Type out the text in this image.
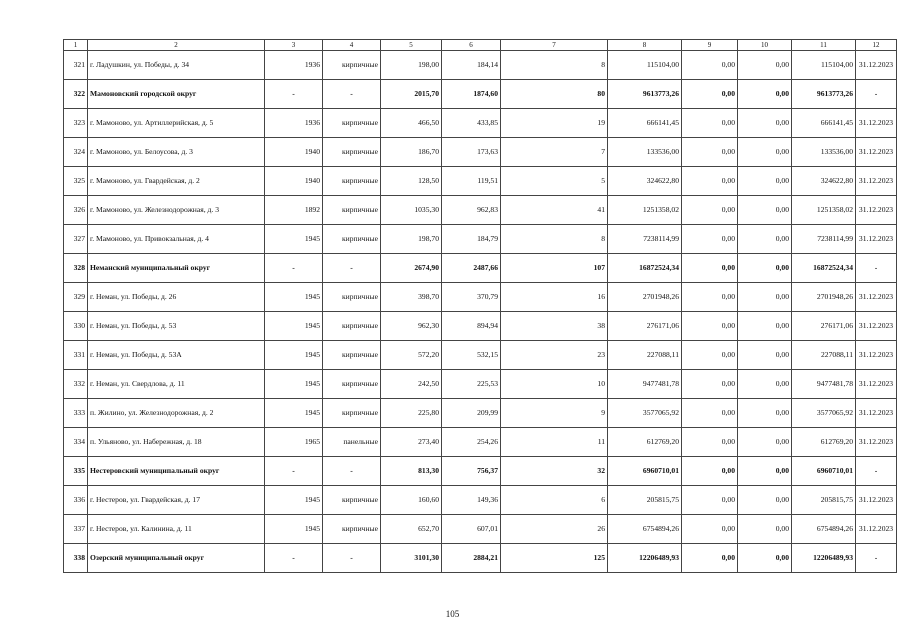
1	2	3	4	5	6	7	8	9	10	11	12
321	г. Ладушкин, ул. Победы, д. 34	1936	кирпичные	198,00	184,14	8	115104,00	0,00	0,00	115104,00	31.12.2023
322	Мамоновский городской округ	-	-	2015,70	1874,60	80	9613773,26	0,00	0,00	9613773,26	-
323	г. Мамоново, ул. Артиллерийская, д. 5	1936	кирпичные	466,50	433,85	19	666141,45	0,00	0,00	666141,45	31.12.2023
324	г. Мамоново, ул. Белоусова, д. 3	1940	кирпичные	186,70	173,63	7	133536,00	0,00	0,00	133536,00	31.12.2023
325	г. Мамоново, ул. Гвардейская, д. 2	1940	кирпичные	128,50	119,51	5	324622,80	0,00	0,00	324622,80	31.12.2023
326	г. Мамоново, ул. Железнодорожная, д. 3	1892	кирпичные	1035,30	962,83	41	1251358,02	0,00	0,00	1251358,02	31.12.2023
327	г. Мамоново, ул. Привокзальная, д. 4	1945	кирпичные	198,70	184,79	8	7238114,99	0,00	0,00	7238114,99	31.12.2023
328	Неманский муниципальный округ	-	-	2674,90	2487,66	107	16872524,34	0,00	0,00	16872524,34	-
329	г. Неман, ул. Победы, д. 26	1945	кирпичные	398,70	370,79	16	2701948,26	0,00	0,00	2701948,26	31.12.2023
330	г. Неман, ул. Победы, д. 53	1945	кирпичные	962,30	894,94	38	276171,06	0,00	0,00	276171,06	31.12.2023
331	г. Неман, ул. Победы, д. 53А	1945	кирпичные	572,20	532,15	23	227088,11	0,00	0,00	227088,11	31.12.2023
332	г. Неман, ул. Свердлова, д. 11	1945	кирпичные	242,50	225,53	10	9477481,78	0,00	0,00	9477481,78	31.12.2023
333	п. Жилино, ул. Железнодорожная, д. 2	1945	кирпичные	225,80	209,99	9	3577065,92	0,00	0,00	3577065,92	31.12.2023
334	п. Ульяново, ул. Набережная, д. 18	1965	панельные	273,40	254,26	11	612769,20	0,00	0,00	612769,20	31.12.2023
335	Нестеровский муниципальный округ	-	-	813,30	756,37	32	6960710,01	0,00	0,00	6960710,01	-
336	г. Нестеров, ул. Гвардейская, д. 17	1945	кирпичные	160,60	149,36	6	205815,75	0,00	0,00	205815,75	31.12.2023
337	г. Нестеров, ул. Калинина, д. 11	1945	кирпичные	652,70	607,01	26	6754894,26	0,00	0,00	6754894,26	31.12.2023
338	Озерский муниципальный округ	-	-	3101,30	2884,21	125	12206489,93	0,00	0,00	12206489,93	-
105
